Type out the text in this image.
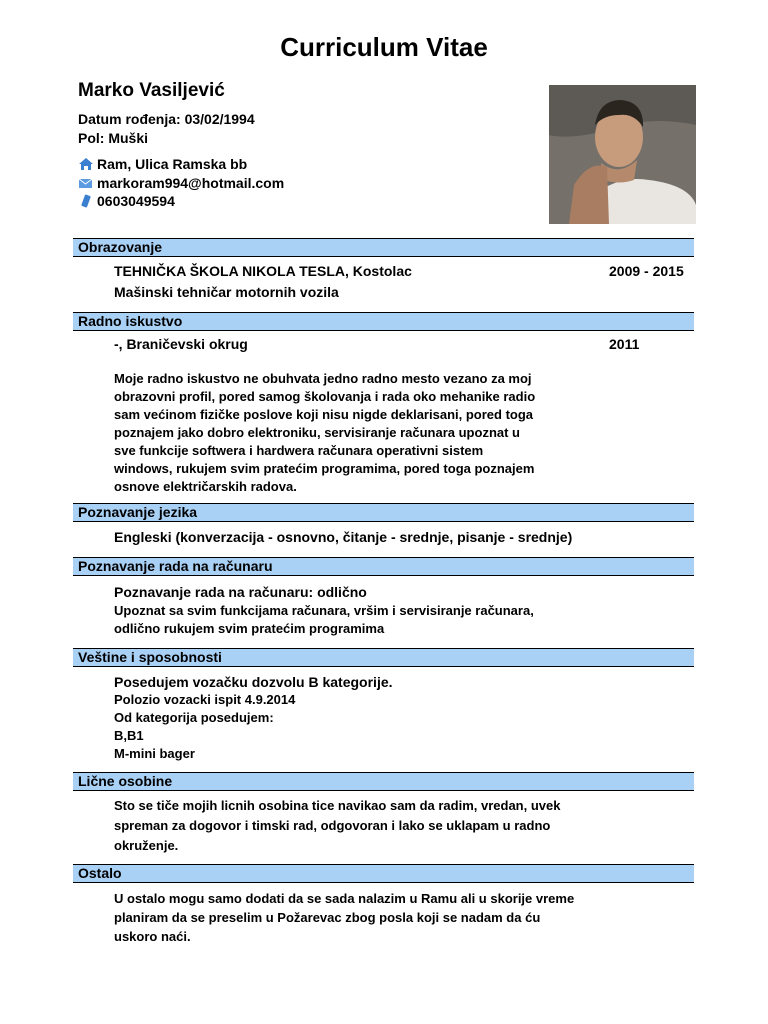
Curriculum Vitae
Marko Vasiljević
Datum rođenja: 03/02/1994
Pol: Muški
Ram, Ulica Ramska bb
markoram994@hotmail.com
0603049594
Obrazovanje
TEHNIČKA ŠKOLA NIKOLA TESLA, Kostolac	2009 - 2015
Mašinski tehničar motornih vozila
Radno iskustvo
-, Braničevski okrug	2011
Moje radno iskustvo ne obuhvata jedno radno mesto vezano za moj
obrazovni profil, pored samog školovanja i rada oko mehanike radio
sam većinom fizičke poslove koji nisu nigde deklarisani, pored toga
poznajem jako dobro elektroniku, servisiranje računara upoznat u
sve funkcije softwera i hardwera računara operativni sistem
windows, rukujem svim pratećim programima, pored toga poznajem
osnove električarskih radova.
Poznavanje jezika
Engleski (konverzacija - osnovno, čitanje - srednje, pisanje - srednje)
Poznavanje rada na računaru
Poznavanje rada na računaru: odlično
Upoznat sa svim funkcijama računara, vršim i servisiranje računara,
odlično rukujem svim pratećim programima
Veštine i sposobnosti
Posedujem vozačku dozvolu B kategorije.
Polozio vozacki ispit 4.9.2014
Od kategorija posedujem:
B,B1
M-mini bager
Lične osobine
Sto se tiče mojih licnih osobina tice navikao sam da radim, vredan, uvek
spreman za dogovor i timski rad, odgovoran i lako se uklapam u radno
okruženje.
Ostalo
U ostalo mogu samo dodati da se sada nalazim u Ramu ali u skorije vreme
planiram da se preselim u Požarevac zbog posla koji se nadam da ću
uskoro naći.
